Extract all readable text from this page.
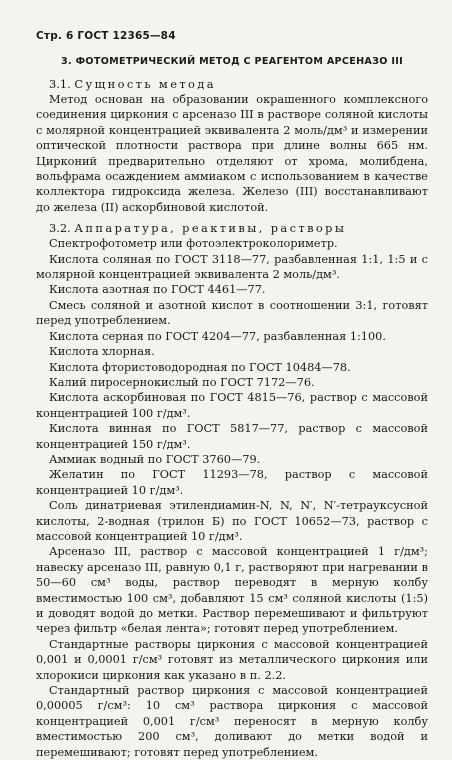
Стр. 6 ГОСТ 12365—84
3. ФОТОМЕТРИЧЕСКИЙ МЕТОД С РЕАГЕНТОМ АРСЕНАЗО III

3.1. Сущность метода

Метод основан на образовании окрашенного комплексного соединения циркония с арсеназо III в растворе соляной кислоты с молярной концентрацией эквивалента 2 моль/дм³ и измерении оптической плотности раствора при длине волны 665 нм. Цирконий предварительно отделяют от хрома, молибдена, вольфрама осаждением аммиаком с использованием в качестве коллектора гидроксида железа. Железо (III) восстанавливают до железа (II) аскорбиновой кислотой.

3.2. Аппаратура, реактивы, растворы

Спектрофотометр или фотоэлектроколориметр.

Кислота соляная по ГОСТ 3118—77, разбавленная 1:1, 1:5 и с молярной концентрацией эквивалента 2 моль/дм³.

Кислота азотная по ГОСТ 4461—77.

Смесь соляной и азотной кислот в соотношении 3:1, готовят перед употреблением.

Кислота серная по ГОСТ 4204—77, разбавленная 1:100.

Кислота хлорная.

Кислота фтористоводородная по ГОСТ 10484—78.

Калий пиросернокислый по ГОСТ 7172—76.

Кислота аскорбиновая по ГОСТ 4815—76, раствор с массовой концентрацией 100 г/дм³.

Кислота винная по ГОСТ 5817—77, раствор с массовой концентрацией 150 г/дм³.

Аммиак водный по ГОСТ 3760—79.

Желатин по ГОСТ 11293—78, раствор с массовой концентрацией 10 г/дм³.

Соль динатриевая этилендиамин-N, N, N′, N′-тетрауксусной кислоты, 2-водная (трилон Б) по ГОСТ 10652—73, раствор с массовой концентрацией 10 г/дм³.

Арсеназо III, раствор с массовой концентрацией 1 г/дм³; навеску арсеназо III, равную 0,1 г, растворяют при нагревании в 50—60 см³ воды, раствор переводят в мерную колбу вместимостью 100 см³, добавляют 15 см³ соляной кислоты (1:5) и доводят водой до метки. Раствор перемешивают и фильтруют через фильтр «белая лента»; готовят перед употреблением.

Стандартные растворы циркония с массовой концентрацией 0,001 и 0,0001 г/см³ готовят из металлического циркония или хлорокиси циркония как указано в п. 2.2.

Стандартный раствор циркония с массовой концентрацией 0,00005 г/см³: 10 см³ раствора циркония с массовой концентрацией 0,001 г/см³ переносят в мерную колбу вместимостью 200 см³, доливают до метки водой и перемешивают; готовят перед употреблением.
